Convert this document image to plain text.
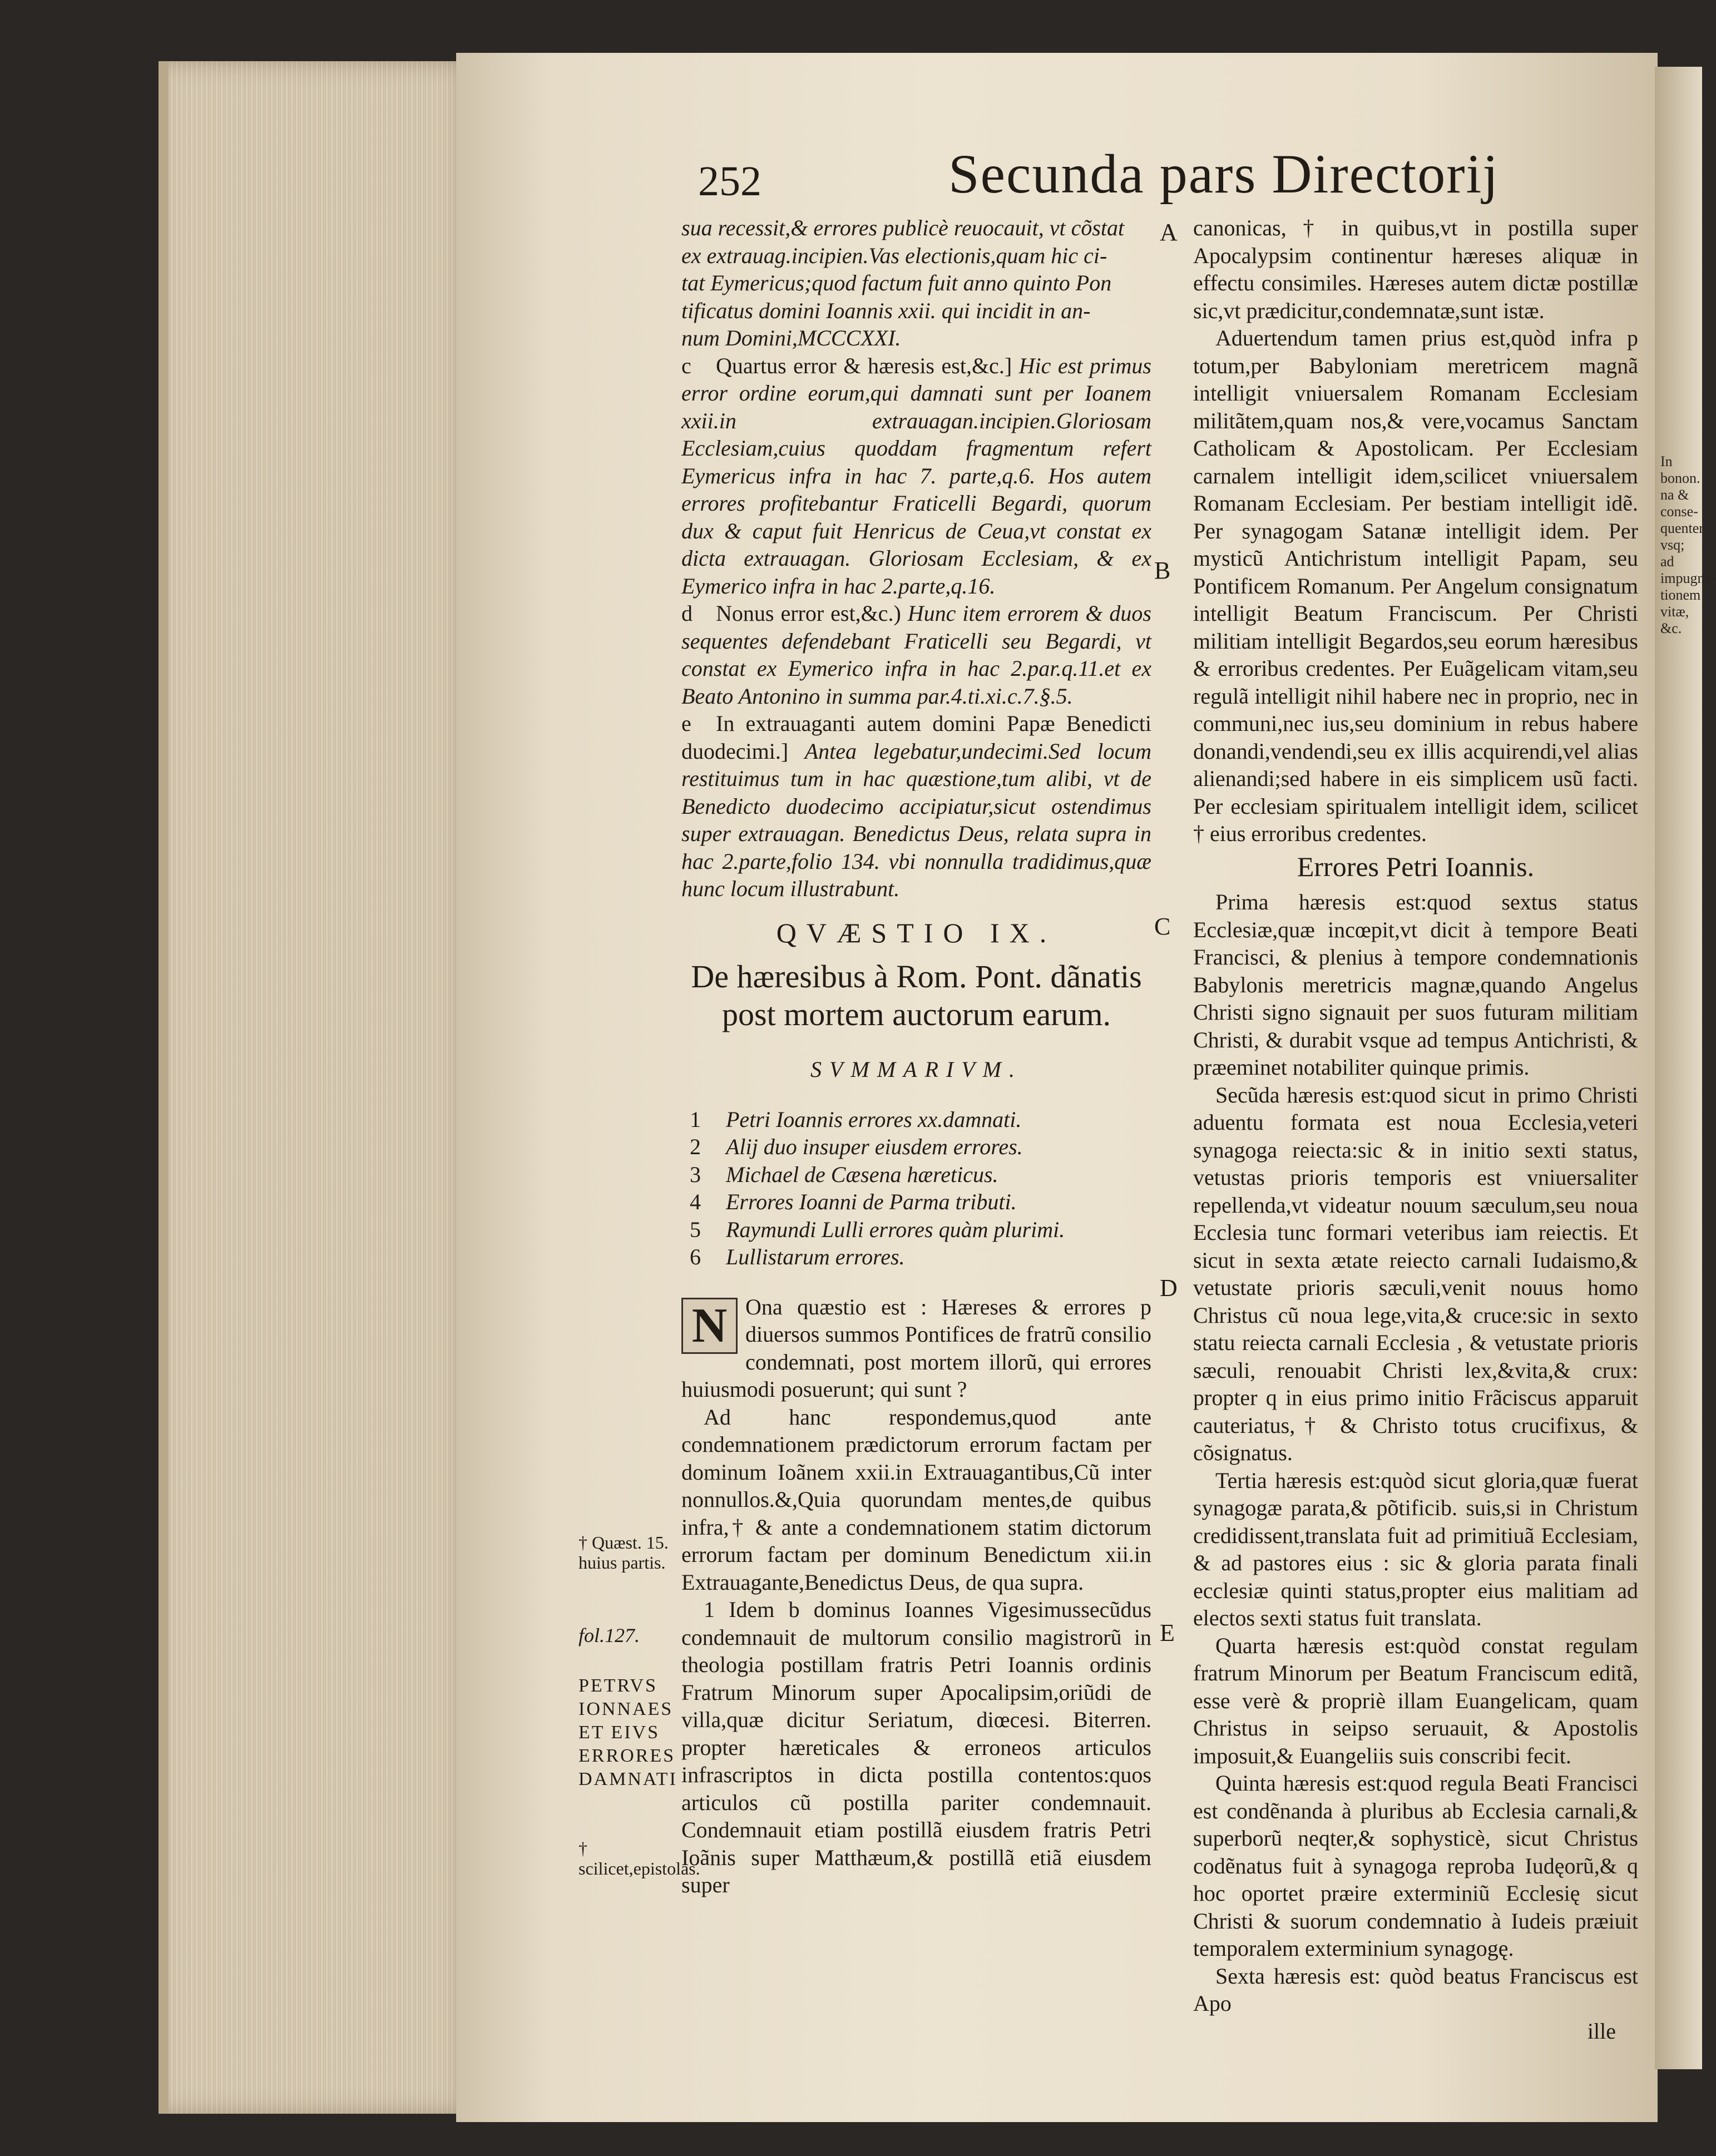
252	Secunda pars Directorij

sua recessit,& errores publicè reuocauit, vt cõstat

ex extrauag.incipien.Vas electionis,quam hic ci-

tat Eymericus;quod factum fuit anno quinto Pon

tificatus domini Ioannis xxii. qui incidit in an-

num Domini,MCCCXXI.

c Quartus error & hæresis est,&c.] Hic est primus error ordine eorum,qui damnati sunt per Ioanem xxii.in extrauagan.incipien.Gloriosam Ecclesiam,cuius quoddam fragmentum refert Eymericus infra in hac 7. parte,q.6. Hos autem errores profitebantur Fraticelli Begardi, quorum dux & caput fuit Henricus de Ceua,vt constat ex dicta extrauagan. Gloriosam Ecclesiam, & ex Eymerico infra in hac 2.parte,q.16.

d Nonus error est,&c.) Hunc item errorem & duos sequentes defendebant Fraticelli seu Begardi, vt constat ex Eymerico infra in hac 2.par.q.11.et ex Beato Antonino in summa par.4.ti.xi.c.7.§.5.

e In extrauaganti autem domini Papæ Benedicti duodecimi.] Antea legebatur,undecimi.Sed locum restituimus tum in hac quæstione,tum alibi, vt de Benedicto duodecimo accipiatur,sicut ostendimus super extrauagan. Benedictus Deus, relata supra in hac 2.parte,folio 134. vbi nonnulla tradidimus,quæ hunc locum illustrabunt.

QVÆSTIO IX.

De hæresibus à Rom. Pont. dãnatis post mortem auctorum earum.

SVMMARIVM.

1	Petri Ioannis errores xx.damnati.
2	Alij duo insuper eiusdem errores.
3	Michael de Cæsena hæreticus.
4	Errores Ioanni de Parma tributi.
5	Raymundi Lulli errores quàm plurimi.
6	Lullistarum errores.

N Ona quæstio est : Hæreses & errores p diuersos summos Pontifices de fratrũ consilio condemnati, post mortem illorũ, qui errores huiusmodi posuerunt; qui sunt ?

Ad hanc respondemus,quod ante condemnationem prædictorum errorum factam per dominum Ioãnem xxii.in Extrauagantibus,Cũ inter nonnullos.&,Quia quorundam mentes,de quibus infra,† & ante a condemnationem statim dictorum errorum factam per dominum Benedictum xii.in Extrauagante,Benedictus Deus, de qua supra.

1 Idem b dominus Ioannes Vigesimussecũdus condemnauit de multorum consilio magistrorũ in theologia postillam fratris Petri Ioannis ordinis Fratrum Minorum super Apocalipsim,oriũdi de villa,quæ dicitur Seriatum, diœcesi. Biterren. propter hæreticales & erroneos articulos infrascriptos in dicta postilla contentos:quos articulos cũ postilla pariter condemnauit. Condemnauit etiam postillã eiusdem fratris Petri Ioãnis super Matthæum,& postillã etiã eiusdem super

A
B
C
D
E

canonicas, † in quibus,vt in postilla super Apocalypsim continentur hæreses aliquæ in effectu consimiles. Hæreses autem dictæ postillæ sic,vt prædicitur,condemnatæ,sunt istæ.

Aduertendum tamen prius est,quòd infra p totum,per Babyloniam meretricem magnã intelligit vniuersalem Romanam Ecclesiam militãtem,quam nos,& vere,vocamus Sanctam Catholicam & Apostolicam. Per Ecclesiam carnalem intelligit idem,scilicet vniuersalem Romanam Ecclesiam. Per bestiam intelligit idẽ. Per synagogam Satanæ intelligit idem. Per mysticũ Antichristum intelligit Papam, seu Pontificem Romanum. Per Angelum consignatum intelligit Beatum Franciscum. Per Christi militiam intelligit Begardos,seu eorum hæresibus & erroribus credentes. Per Euãgelicam vitam,seu regulã intelligit nihil habere nec in proprio, nec in communi,nec ius,seu dominium in rebus habere donandi,vendendi,seu ex illis acquirendi,vel alias alienandi;sed habere in eis simplicem usũ facti. Per ecclesiam spiritualem intelligit idem, scilicet † eius erroribus credentes.

Errores Petri Ioannis.

Prima hæresis est:quod sextus status Ecclesiæ,quæ incœpit,vt dicit à tempore Beati Francisci, & plenius à tempore condemnationis Babylonis meretricis magnæ,quando Angelus Christi signo signauit per suos futuram militiam Christi, & durabit vsque ad tempus Antichristi, & præeminet notabiliter quinque primis.

Secũda hæresis est:quod sicut in primo Christi aduentu formata est noua Ecclesia,veteri synagoga reiecta:sic & in initio sexti status, vetustas prioris temporis est vniuersaliter repellenda,vt videatur nouum sæculum,seu noua Ecclesia tunc formari veteribus iam reiectis. Et sicut in sexta ætate reiecto carnali Iudaismo,& vetustate prioris sæculi,venit nouus homo Christus cũ noua lege,vita,& cruce:sic in sexto statu reiecta carnali Ecclesia , & vetustate prioris sæculi, renouabit Christi lex,&vita,& crux: propter q in eius primo initio Frãciscus apparuit cauteriatus,† & Christo totus crucifixus, & cõsignatus.

Tertia hæresis est:quòd sicut gloria,quæ fuerat synagogæ parata,& põtificib. suis,si in Christum credidissent,translata fuit ad primitiuã Ecclesiam, & ad pastores eius : sic & gloria parata finali ecclesiæ quinti status,propter eius malitiam ad electos sexti status fuit translata.

Quarta hæresis est:quòd constat regulam fratrum Minorum per Beatum Franciscum editã, esse verè & propriè illam Euangelicam, quam Christus in seipso seruauit, & Apostolis imposuit,& Euangeliis suis conscribi fecit.

Quinta hæresis est:quod regula Beati Francisci est condẽnanda à pluribus ab Ecclesia carnali,& superborũ neqter,& sophysticè, sicut Christus codẽnatus fuit à synagoga reproba Iudęorũ,& q hoc oportet præire exterminiũ Ecclesię sicut Christi & suorum condemnatio à Iudeis præiuit temporalem exterminium synagogę.

Sexta hæresis est: quòd beatus Franciscus est Apo

ille

† Quæst. 15. huius partis.
fol.127.
PETRVS IONNAES ET EIVS ERRORES DAMNATI
† scilicet,epistolas.
In bonon.
na & conse-
quenter vsq;
ad impugna-
tionem vitæ,
&c.
